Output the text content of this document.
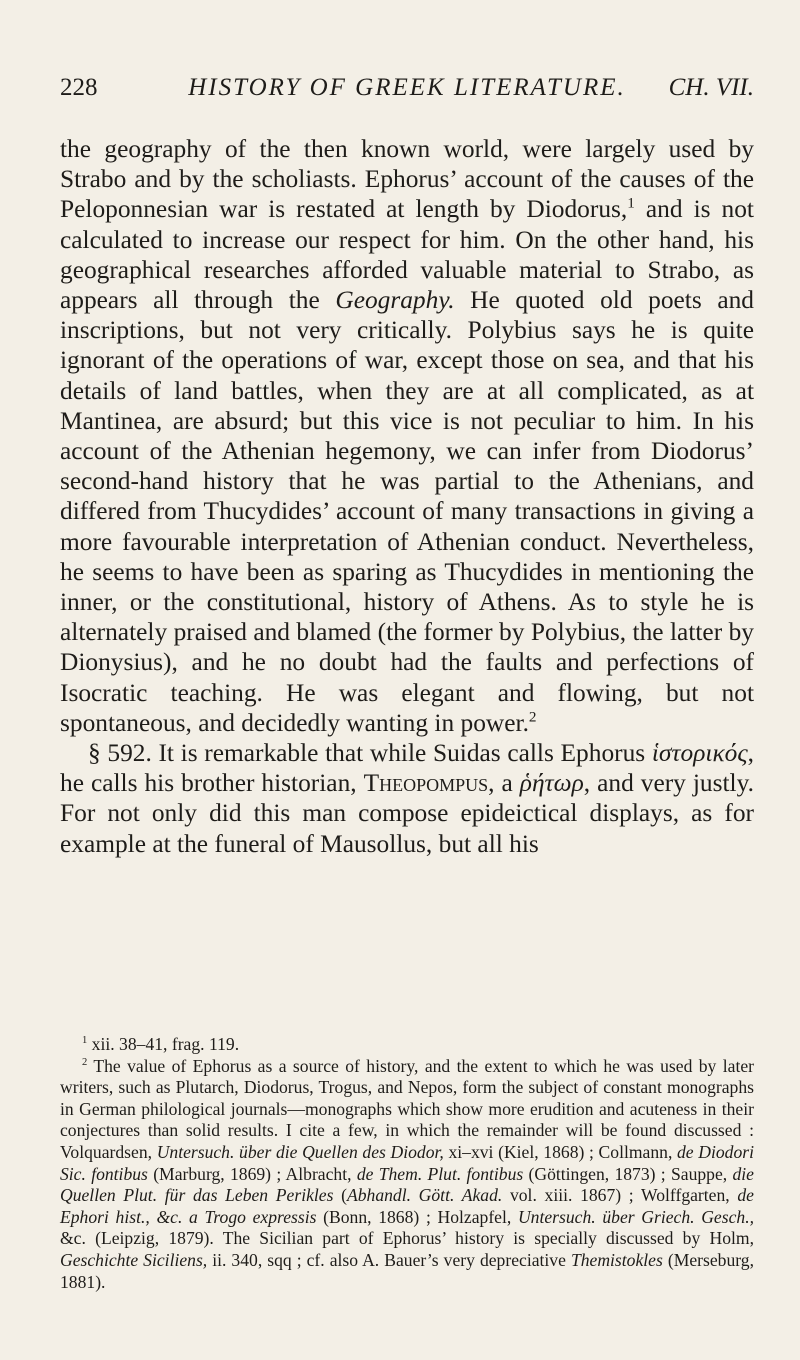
228	HISTORY OF GREEK LITERATURE.	CH. VII.

the geography of the then known world, were largely used by Strabo and by the scholiasts. Ephorus’ account of the causes of the Peloponnesian war is restated at length by Diodorus,$^1$ and is not calculated to increase our respect for him. On the other hand, his geographical researches afforded valuable material to Strabo, as appears all through the Geography. He quoted old poets and inscriptions, but not very critically. Polybius says he is quite ignorant of the operations of war, except those on sea, and that his details of land battles, when they are at all complicated, as at Mantinea, are absurd; but this vice is not peculiar to him. In his account of the Athenian hegemony, we can infer from Diodorus’ second-hand history that he was partial to the Athenians, and differed from Thucydides’ account of many transactions in giving a more favourable interpretation of Athenian conduct. Nevertheless, he seems to have been as sparing as Thucydides in mentioning the inner, or the constitutional, history of Athens. As to style he is alternately praised and blamed (the former by Polybius, the latter by Dionysius), and he no doubt had the faults and perfections of Isocratic teaching. He was elegant and flowing, but not spontaneous, and decidedly wanting in power.$^2$

§ 592. It is remarkable that while Suidas calls Ephorus ἱστορικός, he calls his brother historian, Theopompus, a ῥήτωρ, and very justly. For not only did this man compose epideictical displays, as for example at the funeral of Mausollus, but all his

$^1$ xii. 38–41, frag. 119.

$^2$ The value of Ephorus as a source of history, and the extent to which he was used by later writers, such as Plutarch, Diodorus, Trogus, and Nepos, form the subject of constant monographs in German philological journals—monographs which show more erudition and acuteness in their conjectures than solid results. I cite a few, in which the remainder will be found discussed : Volquardsen, Untersuch. über die Quellen des Diodor, xi–xvi (Kiel, 1868) ; Collmann, de Diodori Sic. fontibus (Marburg, 1869) ; Albracht, de Them. Plut. fontibus (Göttingen, 1873) ; Sauppe, die Quellen Plut. für das Leben Perikles (Abhandl. Gött. Akad. vol. xiii. 1867) ; Wolffgarten, de Ephori hist., &c. a Trogo expressis (Bonn, 1868) ; Holzapfel, Untersuch. über Griech. Gesch., &c. (Leipzig, 1879). The Sicilian part of Ephorus’ history is specially discussed by Holm, Geschichte Siciliens, ii. 340, sqq ; cf. also A. Bauer’s very depreciative Themistokles (Merseburg, 1881).
